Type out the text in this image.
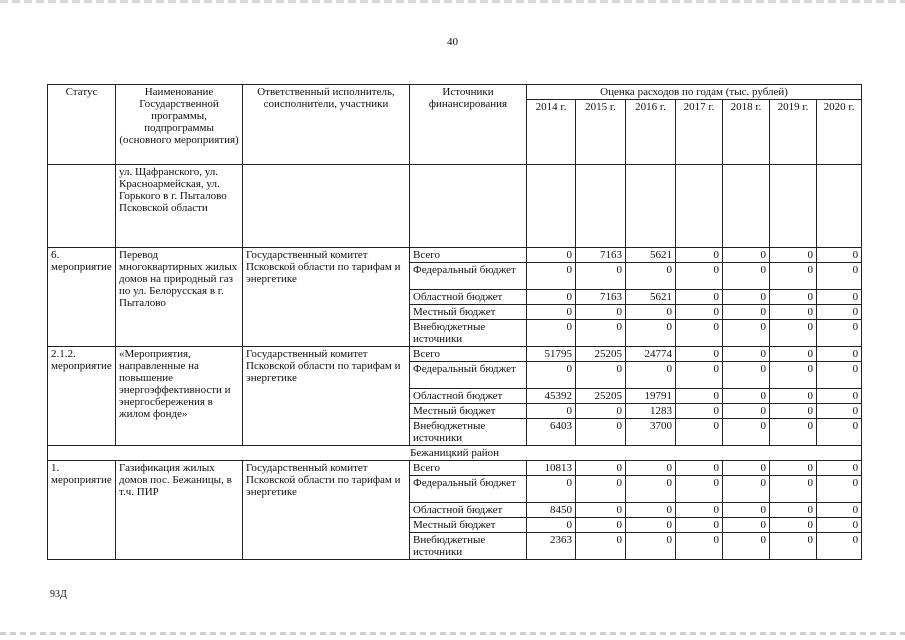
40
Статус	Наименование Государственной программы, подпрограммы (основного мероприятия)	Ответственный исполнитель, соисполнители, участники	Источники финансирования	Оценка расходов по годам (тыс. рублей)						
				2014 г.	2015 г.	2016 г.	2017 г.	2018 г.	2019 г.	2020 г.
	ул. Щафранского, ул. Красноармейская, ул. Горького в г. Пыталово Псковской области									
6. мероприятие	Перевод многоквартирных жилых домов на природный газ по ул. Белорусская в г. Пыталово	Государственный комитет Псковской области по тарифам и энергетике	Всего	0	7163	5621	0	0	0	0
			Федеральный бюджет	0	0	0	0	0	0	0
			Областной бюджет	0	7163	5621	0	0	0	0
			Местный бюджет	0	0	0	0	0	0	0
			Внебюджетные источники	0	0	0	0	0	0	0
2.1.2. мероприятие	«Мероприятия, направленные на повышение энергоэффективности и энергосбережения в жилом фонде»	Государственный комитет Псковской области по тарифам и энергетике	Всего	51795	25205	24774	0	0	0	0
			Федеральный бюджет	0	0	0	0	0	0	0
			Областной бюджет	45392	25205	19791	0	0	0	0
			Местный бюджет	0	0	1283	0	0	0	0
			Внебюджетные источники	6403	0	3700	0	0	0	0
Бежаницкий район										
1. мероприятие	Газификация жилых домов пос. Бежаницы, в т.ч. ПИР	Государственный комитет Псковской области по тарифам и энергетике	Всего	10813	0	0	0	0	0	0
			Федеральный бюджет	0	0	0	0	0	0	0
			Областной бюджет	8450	0	0	0	0	0	0
			Местный бюджет	0	0	0	0	0	0	0
			Внебюджетные источники	2363	0	0	0	0	0	0
93Д
